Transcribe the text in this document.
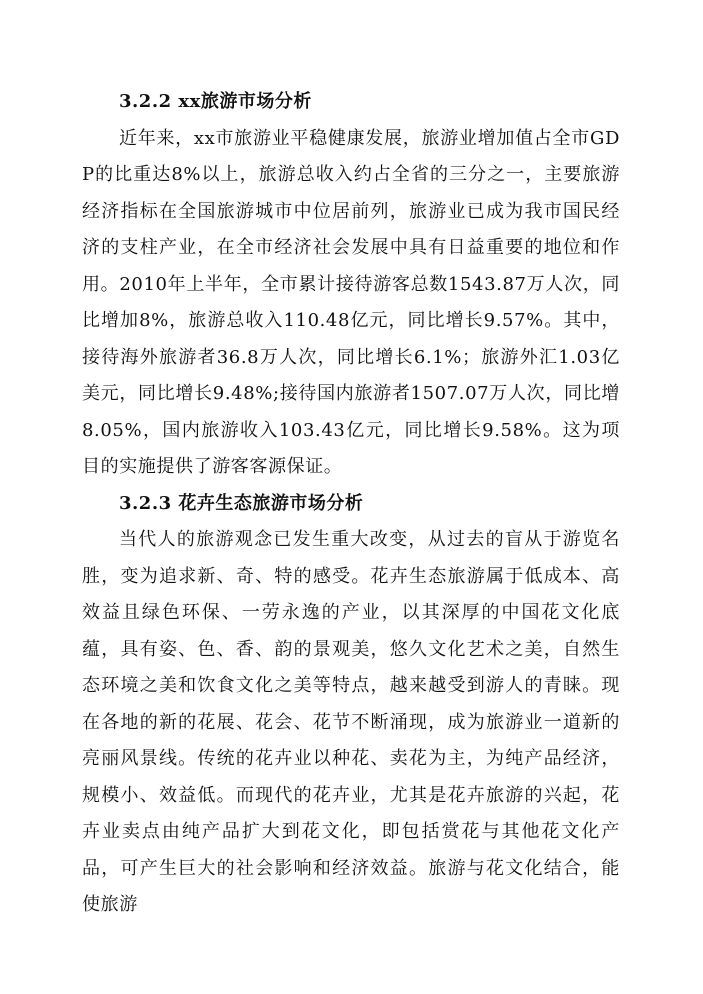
3.2.2 xx旅游市场分析

近年来，xx市旅游业平稳健康发展，旅游业增加值占全市GDP的比重达8%以上，旅游总收入约占全省的三分之一，主要旅游经济指标在全国旅游城市中位居前列，旅游业已成为我市国民经济的支柱产业，在全市经济社会发展中具有日益重要的地位和作用。2010年上半年，全市累计接待游客总数1543.87万人次，同比增加8%，旅游总收入110.48亿元，同比增长9.57%。其中，接待海外旅游者36.8万人次，同比增长6.1%；旅游外汇1.03亿美元，同比增长9.48%;接待国内旅游者1507.07万人次，同比增8.05%，国内旅游收入103.43亿元，同比增长9.58%。这为项目的实施提供了游客客源保证。

3.2.3 花卉生态旅游市场分析

当代人的旅游观念已发生重大改变，从过去的盲从于游览名胜，变为追求新、奇、特的感受。花卉生态旅游属于低成本、高效益且绿色环保、一劳永逸的产业，以其深厚的中国花文化底蕴，具有姿、色、香、韵的景观美，悠久文化艺术之美，自然生态环境之美和饮食文化之美等特点，越来越受到游人的青睐。现在各地的新的花展、花会、花节不断涌现，成为旅游业一道新的亮丽风景线。传统的花卉业以种花、卖花为主，为纯产品经济，规模小、效益低。而现代的花卉业，尤其是花卉旅游的兴起，花卉业卖点由纯产品扩大到花文化，即包括赏花与其他花文化产品，可产生巨大的社会影响和经济效益。旅游与花文化结合，能使旅游
